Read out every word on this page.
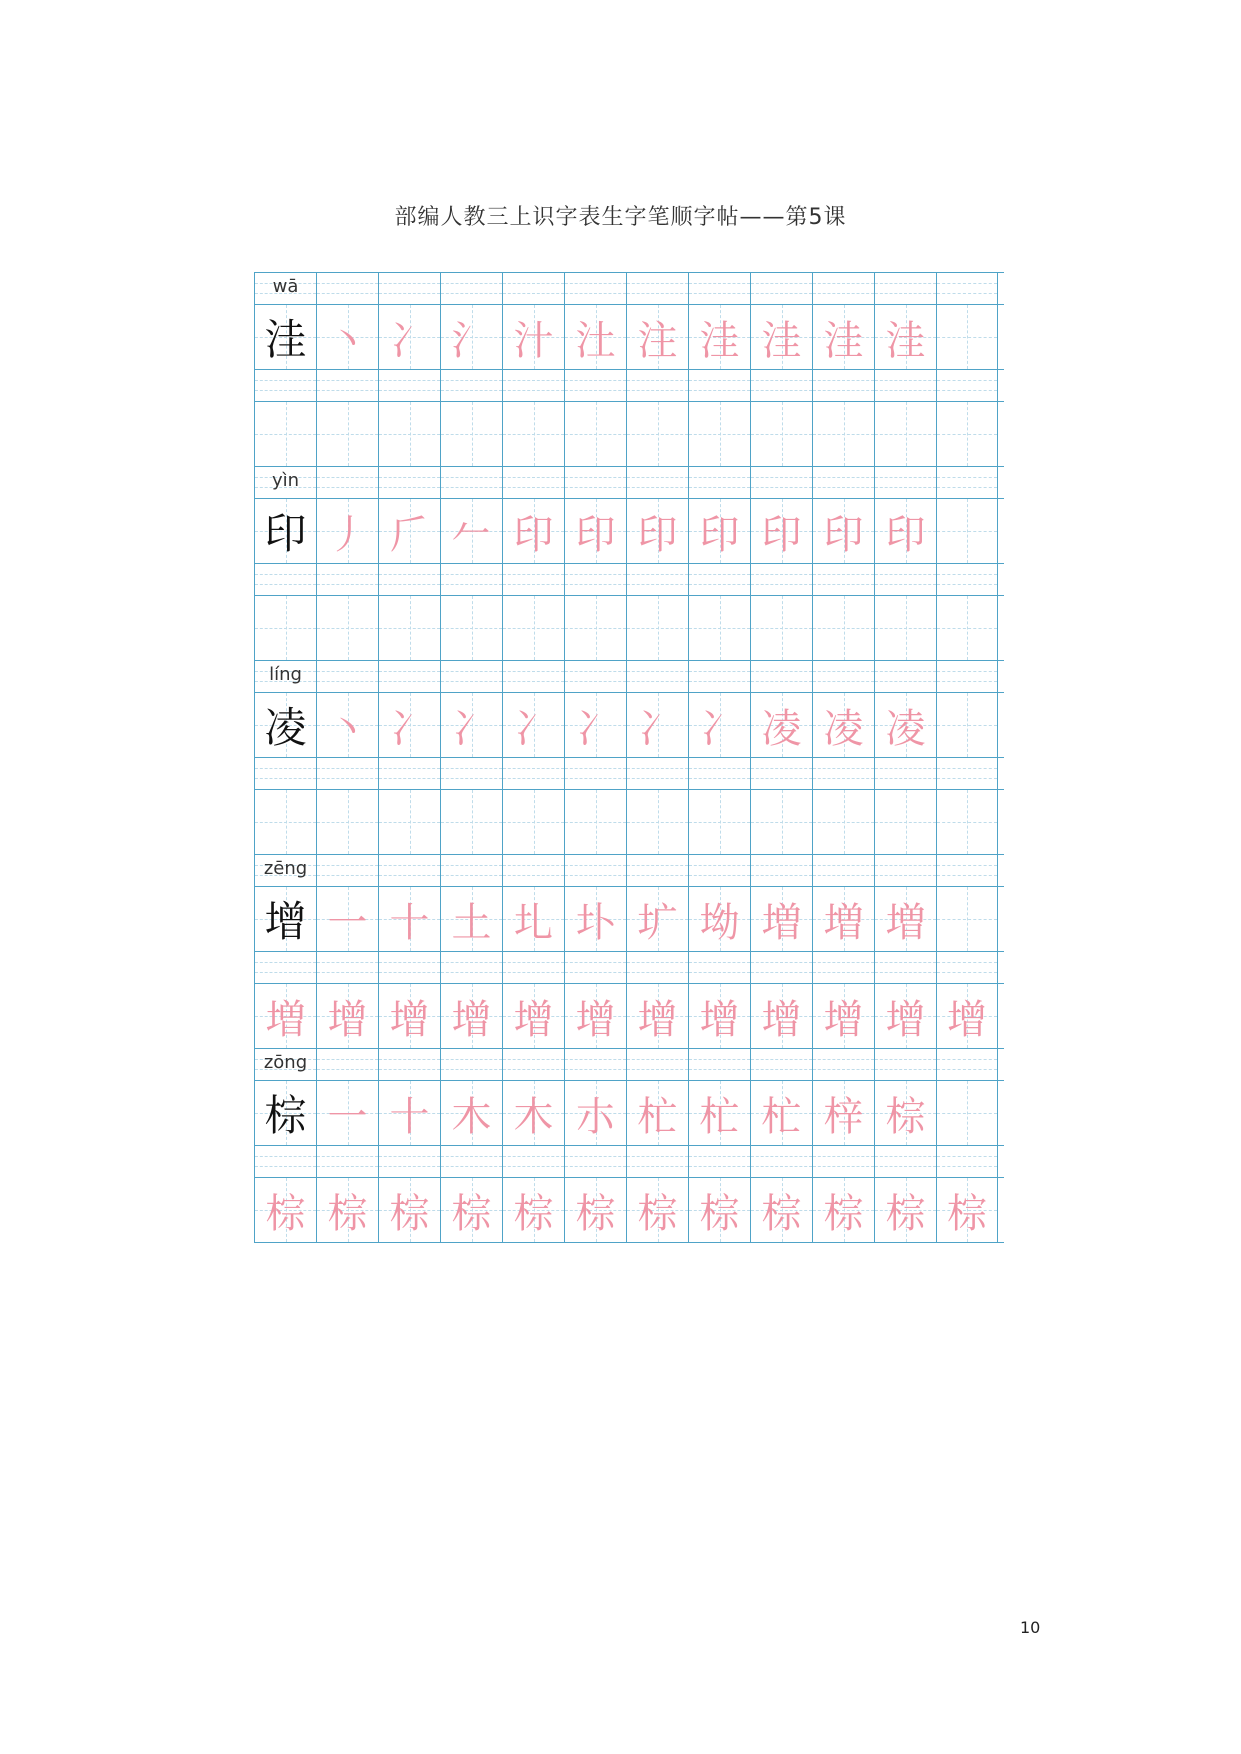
部编人教三上识字表生字笔顺字帖——第5课
wā
洼 丶 冫 氵 汁 汢 注 洼 洼 洼 洼
yìn
印 丿 𠂆 𠂉 印 印 印 印 印 印 印
líng
凌 丶 冫 冫 冫 冫 冫 冫 凌 凌 凌
zēng
增 一 十 土 圠 圤 圹 坳 増 増 増
増 增 增 增 增 增 增 增 增 增 增 增
zōng
棕 一 十 木 木 朩 杧 杧 杧 梓 棕
棕 棕 棕 棕 棕 棕 棕 棕 棕 棕 棕 棕
10
